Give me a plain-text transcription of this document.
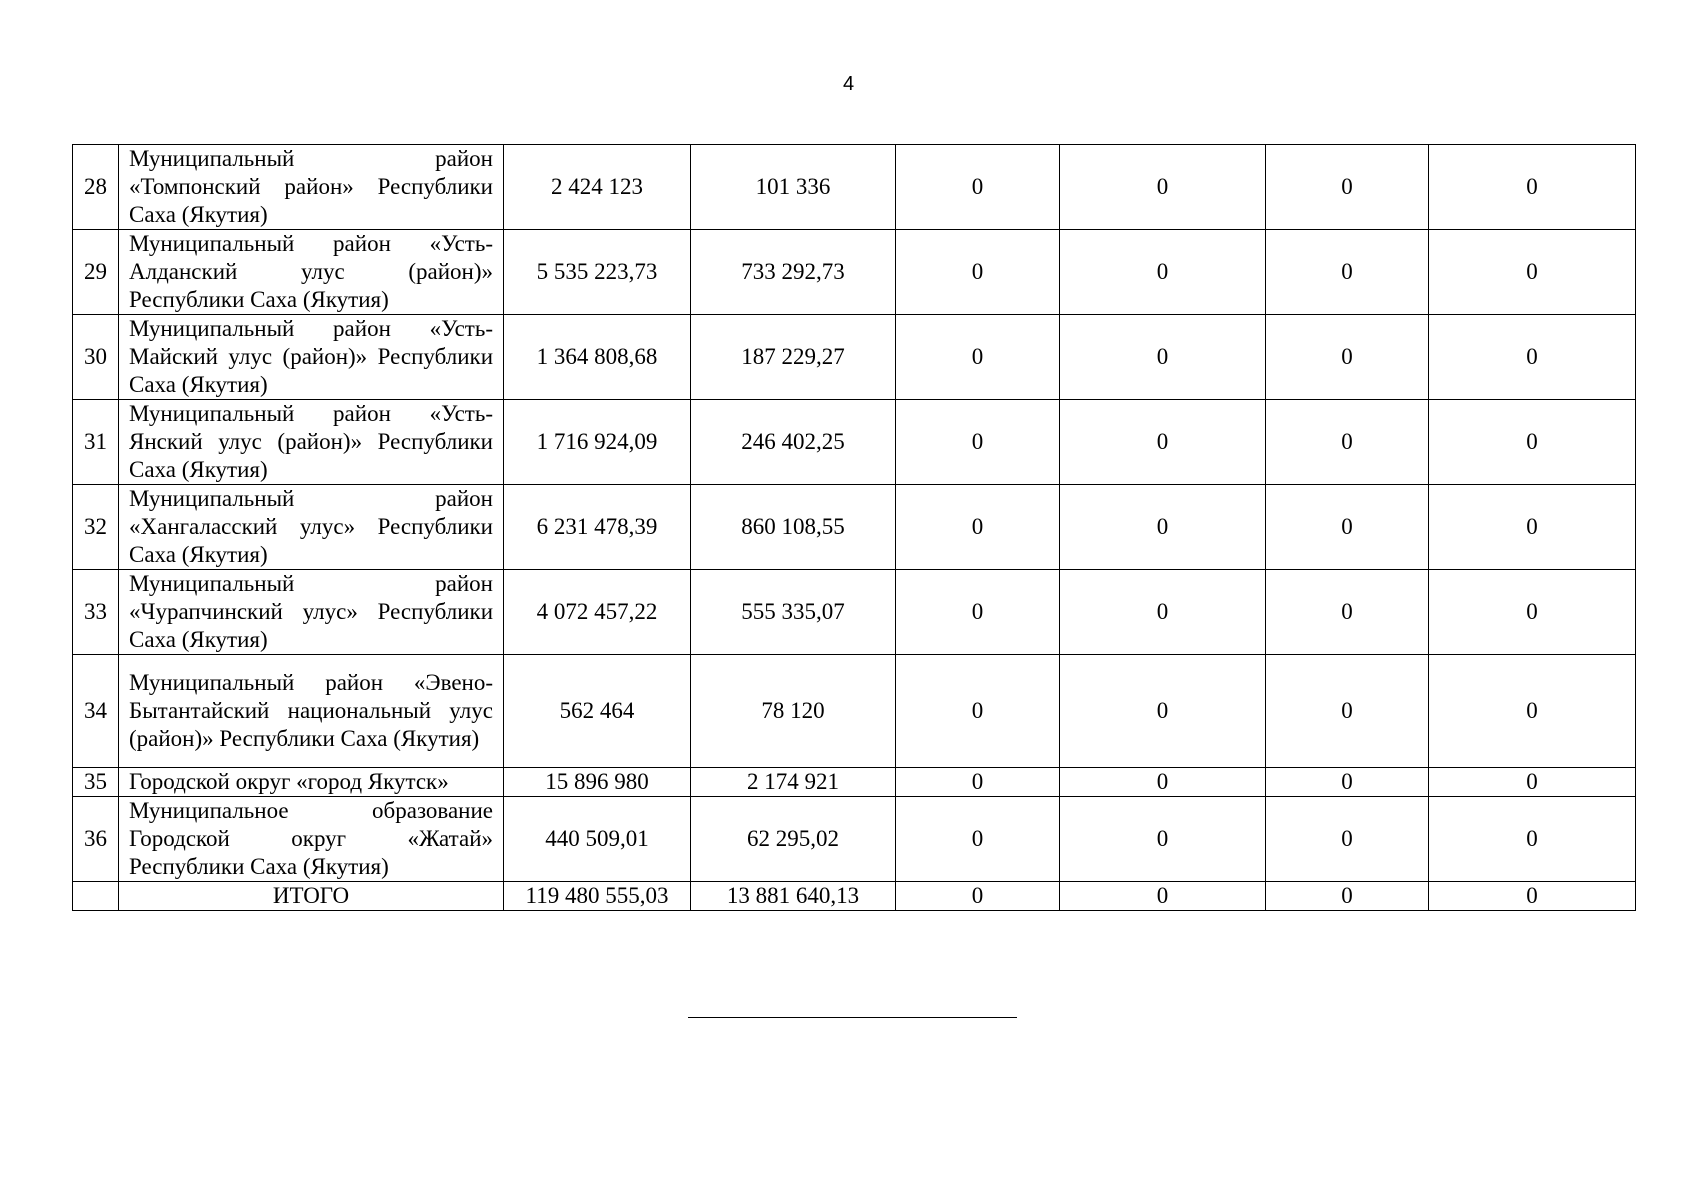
4
28	Муниципальный район «Томпонский район» Республики Саха (Якутия)	2 424 123	101 336	0	0	0	0
29	Муниципальный район «Усть-Алданский улус (район)» Республики Саха (Якутия)	5 535 223,73	733 292,73	0	0	0	0
30	Муниципальный район «Усть-Майский улус (район)» Республики Саха (Якутия)	1 364 808,68	187 229,27	0	0	0	0
31	Муниципальный район «Усть-Янский улус (район)» Республики Саха (Якутия)	1 716 924,09	246 402,25	0	0	0	0
32	Муниципальный район «Хангаласский улус» Республики Саха (Якутия)	6 231 478,39	860 108,55	0	0	0	0
33	Муниципальный район «Чурапчинский улус» Республики Саха (Якутия)	4 072 457,22	555 335,07	0	0	0	0
34	Муниципальный район «Эвено-Бытантайский национальный улус (район)» Республики Саха (Якутия)	562 464	78 120	0	0	0	0
35	Городской округ «город Якутск»	15 896 980	2 174 921	0	0	0	0
36	Муниципальное образование Городской округ «Жатай» Республики Саха (Якутия)	440 509,01	62 295,02	0	0	0	0
	ИТОГО	119 480 555,03	13 881 640,13	0	0	0	0
